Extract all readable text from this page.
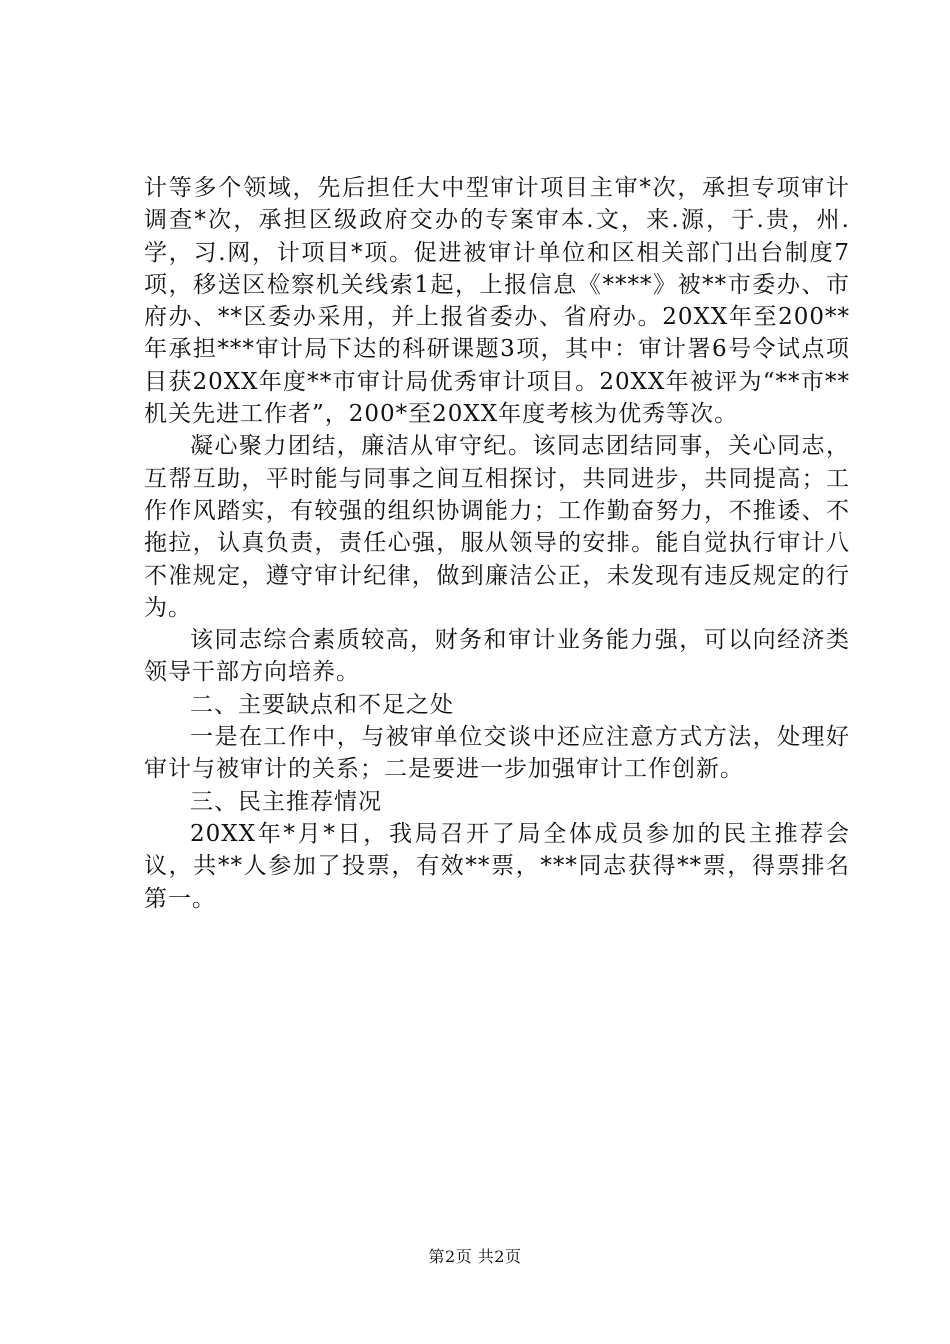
计等多个领域，先后担任大中型审计项目主审*次，承担专项审计调查*次，承担区级政府交办的专案审本.文，来.源，于.贵，州.学，习.网，计项目*项。促进被审计单位和区相关部门出台制度7项，移送区检察机关线索1起，上报信息《****》被**市委办、市府办、**区委办采用，并上报省委办、省府办。20XX年至200**年承担***审计局下达的科研课题3项，其中：审计署6号令试点项目获20XX年度**市审计局优秀审计项目。20XX年被评为“**市**机关先进工作者”，200*至20XX年度考核为优秀等次。

凝心聚力团结，廉洁从审守纪。该同志团结同事，关心同志，互帮互助，平时能与同事之间互相探讨，共同进步，共同提高；工作作风踏实，有较强的组织协调能力；工作勤奋努力，不推诿、不拖拉，认真负责，责任心强，服从领导的安排。能自觉执行审计八不准规定，遵守审计纪律，做到廉洁公正，未发现有违反规定的行为。

该同志综合素质较高，财务和审计业务能力强，可以向经济类领导干部方向培养。

二、主要缺点和不足之处

一是在工作中，与被审单位交谈中还应注意方式方法，处理好审计与被审计的关系；二是要进一步加强审计工作创新。

三、民主推荐情况

20XX年*月*日，我局召开了局全体成员参加的民主推荐会议，共**人参加了投票，有效**票，***同志获得**票，得票排名第一。

第2页 共2页
